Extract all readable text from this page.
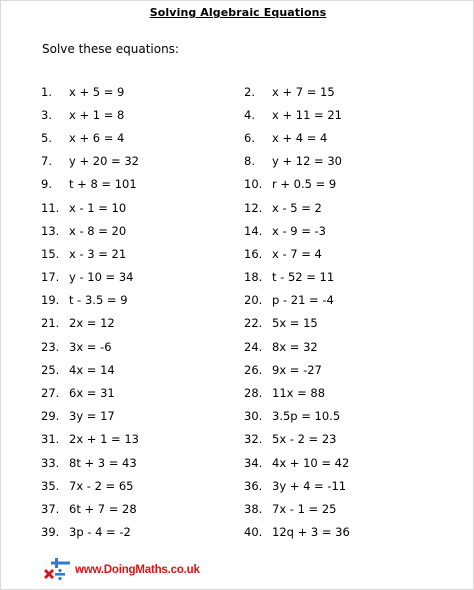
Solving Algebraic Equations
Solve these equations:
1.	x + 5 = 9	2.	x + 7 = 15
3.	x + 1 = 8	4.	x + 11 = 21
5.	x + 6 = 4	6.	x + 4 = 4
7.	y + 20 = 32	8.	y + 12 = 30
9.	t + 8 = 101	10. r + 0.5 = 9
11. x - 1 = 10	12. x - 5 = 2
13. x - 8 = 20	14. x - 9 = -3
15. x - 3 = 21	16. x - 7 = 4
17. y - 10 = 34	18. t - 52 = 11
19. t - 3.5 = 9	20. p - 21 = -4
21. 2x = 12	22. 5x = 15
23. 3x = -6	24. 8x = 32
25. 4x = 14	26. 9x = -27
27. 6x = 31	28. 11x = 88
29. 3y = 17	30. 3.5p = 10.5
31. 2x + 1 = 13	32. 5x - 2 = 23
33. 8t + 3 = 43	34. 4x + 10 = 42
35. 7x - 2 = 65	36. 3y + 4 = -11
37. 6t + 7 = 28	38. 7x - 1 = 25
39. 3p - 4 = -2	40. 12q + 3 = 36
www.DoingMaths.co.uk
